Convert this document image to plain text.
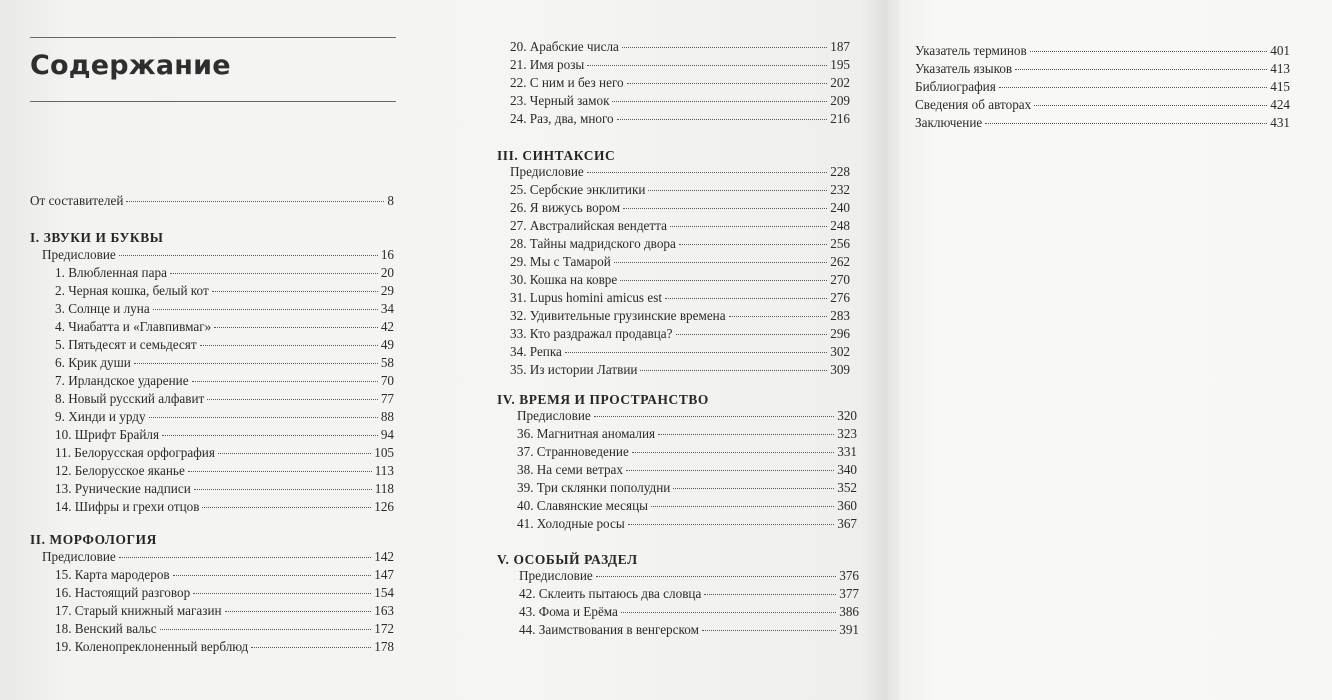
Содержание
От составителей	8
I. ЗВУКИ И БУКВЫ
Предисловие	16
1. Влюбленная пара	20
2. Черная кошка, белый кот	29
3. Солнце и луна	34
4. Чиабатта и «Главпивмаг»	42
5. Пятьдесят и семьдесят	49
6. Крик души	58
7. Ирландское ударение	70
8. Новый русский алфавит	77
9. Хинди и урду	88
10. Шрифт Брайля	94
11. Белорусская орфография	105
12. Белорусское яканье	113
13. Рунические надписи	118
14. Шифры и грехи отцов	126
II. МОРФОЛОГИЯ
Предисловие	142
15. Карта мародеров	147
16. Настоящий разговор	154
17. Старый книжный магазин	163
18. Венский вальс	172
19. Коленопреклоненный верблюд	178
20. Арабские числа	187
21. Имя розы	195
22. С ним и без него	202
23. Черный замок	209
24. Раз, два, много	216
III. СИНТАКСИС
Предисловие	228
25. Сербские энклитики	232
26. Я вижусь вором	240
27. Австралийская вендетта	248
28. Тайны мадридского двора	256
29. Мы с Тамарой	262
30. Кошка на ковре	270
31. Lupus homini amicus est	276
32. Удивительные грузинские времена	283
33. Кто раздражал продавца?	296
34. Репка	302
35. Из истории Латвии	309
IV. ВРЕМЯ И ПРОСТРАНСТВО
Предисловие	320
36. Магнитная аномалия	323
37. Странноведение	331
38. На семи ветрах	340
39. Три склянки пополудни	352
40. Славянские месяцы	360
41. Холодные росы	367
V. ОСОБЫЙ РАЗДЕЛ
Предисловие	376
42. Склеить пытаюсь два словца	377
43. Фома и Ерёма	386
44. Заимствования в венгерском	391
Указатель терминов	401
Указатель языков	413
Библиография	415
Сведения об авторах	424
Заключение	431
